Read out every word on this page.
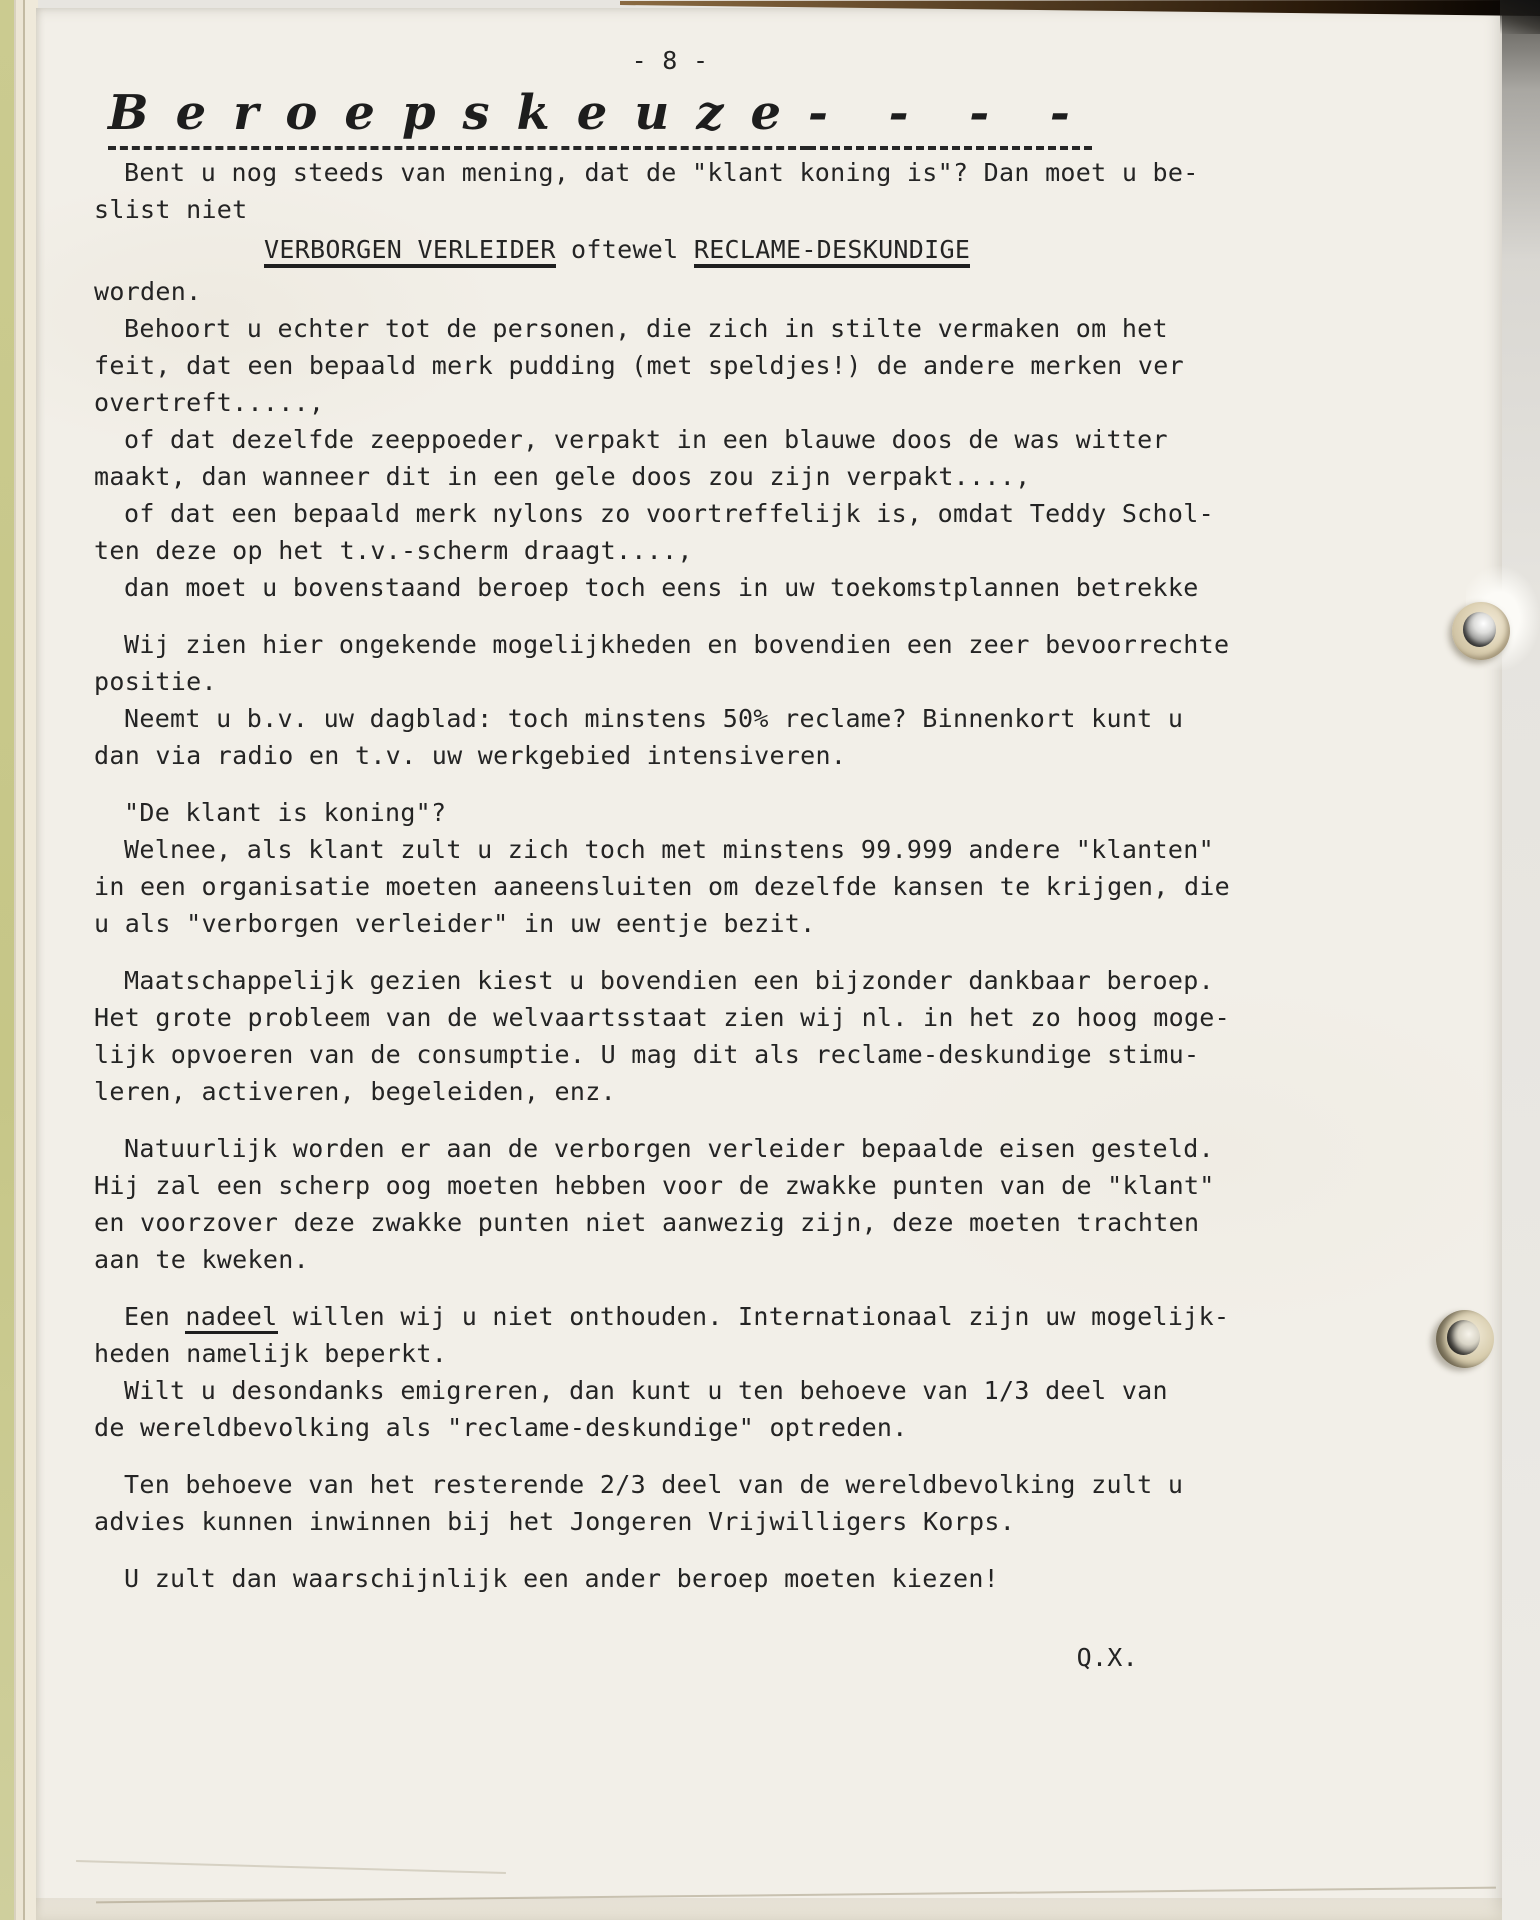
- 8 -
Beroepskeuze- - - -
Bent u nog steeds van mening, dat de "klant koning is"? Dan moet u be-
slist niet
VERBORGEN VERLEIDER oftewel RECLAME-DESKUNDIGE
worden.
Behoort u echter tot de personen, die zich in stilte vermaken om het
feit, dat een bepaald merk pudding (met speldjes!) de andere merken ver
overtreft.....,
of dat dezelfde zeeppoeder, verpakt in een blauwe doos de was witter
maakt, dan wanneer dit in een gele doos zou zijn verpakt....,
of dat een bepaald merk nylons zo voortreffelijk is, omdat Teddy Schol-
ten deze op het t.v.-scherm draagt....,
dan moet u bovenstaand beroep toch eens in uw toekomstplannen betrekke
Wij zien hier ongekende mogelijkheden en bovendien een zeer bevoorrechte
positie.
Neemt u b.v. uw dagblad: toch minstens 50% reclame? Binnenkort kunt u
dan via radio en t.v. uw werkgebied intensiveren.
"De klant is koning"?
Welnee, als klant zult u zich toch met minstens 99.999 andere "klanten"
in een organisatie moeten aaneensluiten om dezelfde kansen te krijgen, die
u als "verborgen verleider" in uw eentje bezit.
Maatschappelijk gezien kiest u bovendien een bijzonder dankbaar beroep.
Het grote probleem van de welvaartsstaat zien wij nl. in het zo hoog moge-
lijk opvoeren van de consumptie. U mag dit als reclame-deskundige stimu-
leren, activeren, begeleiden, enz.
Natuurlijk worden er aan de verborgen verleider bepaalde eisen gesteld.
Hij zal een scherp oog moeten hebben voor de zwakke punten van de "klant"
en voorzover deze zwakke punten niet aanwezig zijn, deze moeten trachten
aan te kweken.
Een nadeel willen wij u niet onthouden. Internationaal zijn uw mogelijk-
heden namelijk beperkt.
Wilt u desondanks emigreren, dan kunt u ten behoeve van 1/3 deel van
de wereldbevolking als "reclame-deskundige" optreden.
Ten behoeve van het resterende 2/3 deel van de wereldbevolking zult u
advies kunnen inwinnen bij het Jongeren Vrijwilligers Korps.
U zult dan waarschijnlijk een ander beroep moeten kiezen!
Q.X.
